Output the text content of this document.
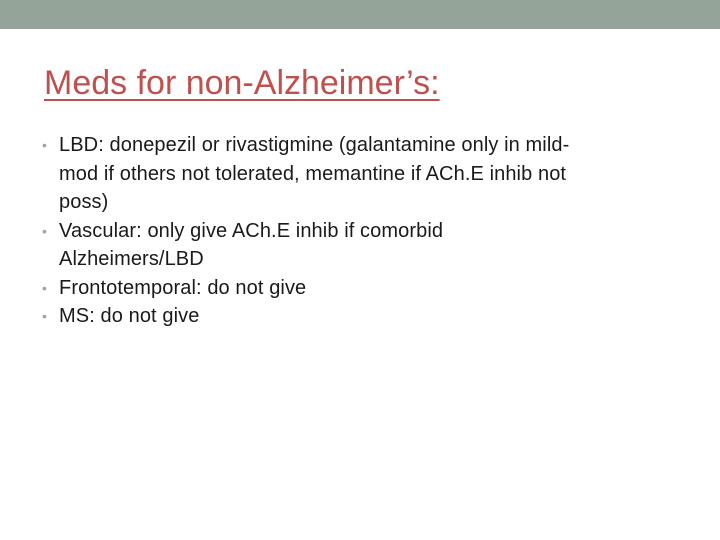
Meds for non-Alzheimer’s:
• LBD: donepezil or rivastigmine (galantamine only in mild-
mod if others not tolerated, memantine if ACh.E inhib not
poss)
• Vascular: only give ACh.E inhib if comorbid
Alzheimers/LBD
• Frontotemporal: do not give
• MS: do not give
